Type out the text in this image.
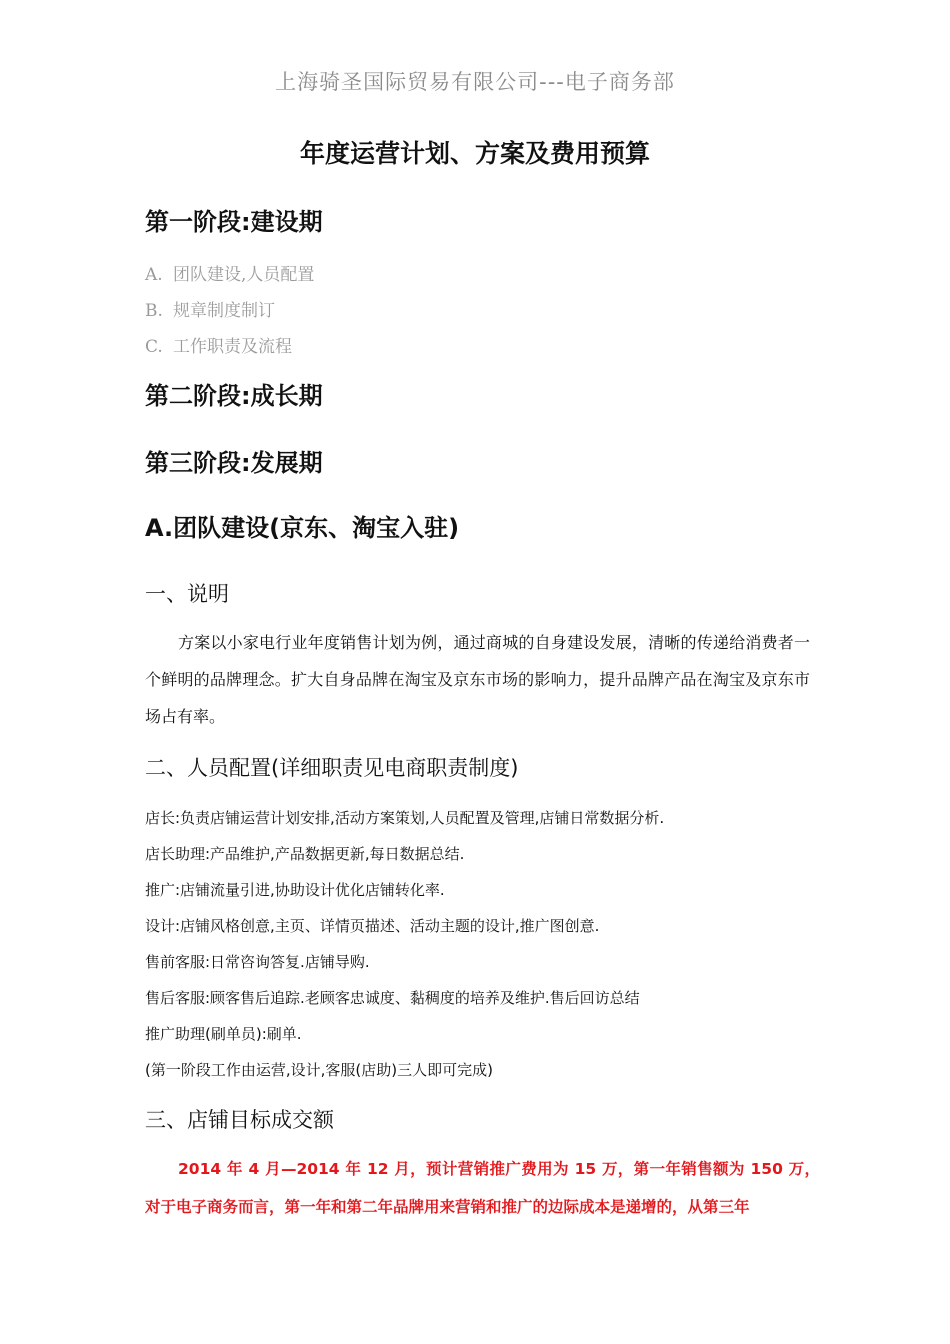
上海骑圣国际贸易有限公司---电子商务部
年度运营计划、方案及费用预算
第一阶段:建设期
A. 团队建设,人员配置
B. 规章制度制订
C. 工作职责及流程
第二阶段:成长期
第三阶段:发展期
A.团队建设(京东、淘宝入驻)
一、说明
方案以小家电行业年度销售计划为例，通过商城的自身建设发展，清晰的传递给消费者一个鲜明的品牌理念。扩大自身品牌在淘宝及京东市场的影响力，提升品牌产品在淘宝及京东市场占有率。
二、人员配置(详细职责见电商职责制度)
店长:负责店铺运营计划安排,活动方案策划,人员配置及管理,店铺日常数据分析.
店长助理:产品维护,产品数据更新,每日数据总结.
推广:店铺流量引进,协助设计优化店铺转化率.
设计:店铺风格创意,主页、详情页描述、活动主题的设计,推广图创意.
售前客服:日常咨询答复.店铺导购.
售后客服:顾客售后追踪.老顾客忠诚度、黏稠度的培养及维护.售后回访总结
推广助理(刷单员):刷单.
(第一阶段工作由运营,设计,客服(店助)三人即可完成)
三、店铺目标成交额
2014 年 4 月—2014 年 12 月，预计营销推广费用为 15 万，第一年销售额为 150 万，对于电子商务而言，第一年和第二年品牌用来营销和推广的边际成本是递增的，从第三年
